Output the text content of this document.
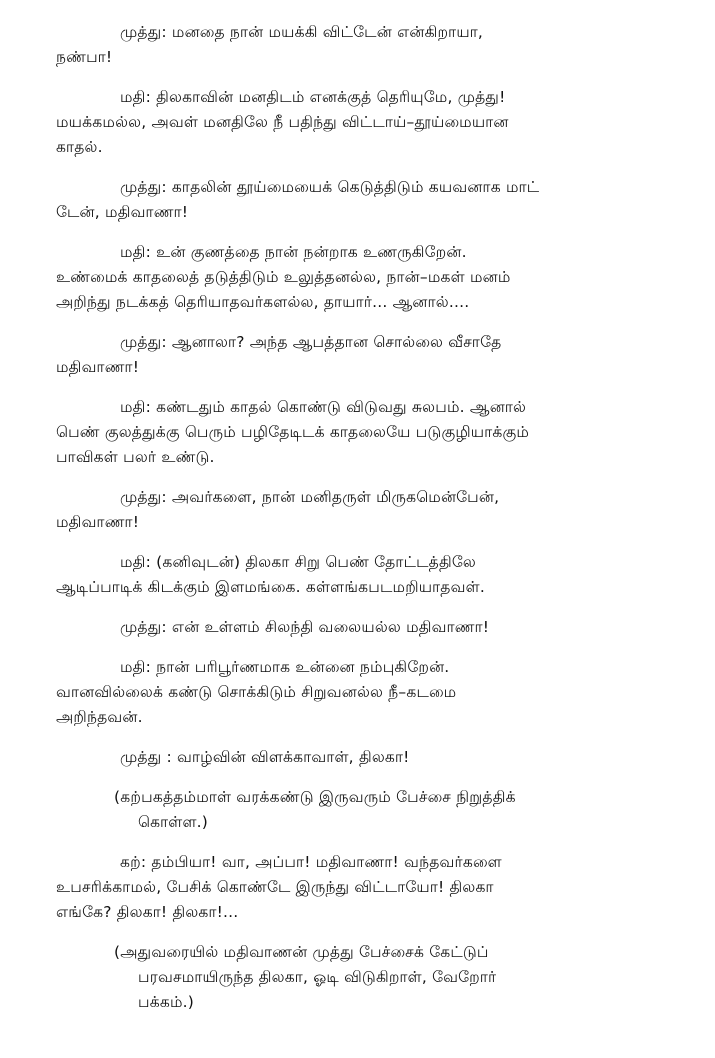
முத்து: மனதை நான் மயக்கி விட்டேன் என்கிறாயா,
நண்பா!
மதி: திலகாவின் மனதிடம் எனக்குத் தெரியுமே, முத்து!
மயக்கமல்ல, அவள் மனதிலே நீ பதிந்து விட்டாய்–தூய்மையான
காதல்.
முத்து: காதலின் தூய்மையைக் கெடுத்திடும் கயவனாக மாட்
டேன், மதிவாணா!
மதி: உன் குணத்தை நான் நன்றாக உணருகிறேன்.
உண்மைக் காதலைத் தடுத்திடும் உலுத்தனல்ல, நான்–மகள் மனம்
அறிந்து நடக்கத் தெரியாதவர்களல்ல, தாயார்... ஆனால்....
முத்து: ஆனாலா? அந்த ஆபத்தான சொல்லை வீசாதே
மதிவாணா!
மதி: கண்டதும் காதல் கொண்டு விடுவது சுலபம். ஆனால்
பெண் குலத்துக்கு பெரும் பழிதேடிடக் காதலையே படுகுழியாக்கும்
பாவிகள் பலர் உண்டு.
முத்து: அவர்களை, நான் மனிதருள் மிருகமென்பேன்,
மதிவாணா!
மதி: (கனிவுடன்) திலகா சிறு பெண் தோட்டத்திலே
ஆடிப்பாடிக் கிடக்கும் இளமங்கை. கள்ளங்கபடமறியாதவள்.
முத்து: என் உள்ளம் சிலந்தி வலையல்ல மதிவாணா!
மதி: நான் பரிபூர்ணமாக உன்னை நம்புகிறேன்.
வானவில்லைக் கண்டு சொக்கிடும் சிறுவனல்ல நீ–கடமை
அறிந்தவன்.
முத்து : வாழ்வின் விளக்காவாள், திலகா!
(கற்பகத்தம்மாள் வரக்கண்டு இருவரும் பேச்சை நிறுத்திக்
கொள்ள.)
கற்: தம்பியா! வா, அப்பா! மதிவாணா! வந்தவர்களை
உபசரிக்காமல், பேசிக் கொண்டே இருந்து விட்டாயோ! திலகா
எங்கே? திலகா! திலகா!...
(அதுவரையில் மதிவாணன் முத்து பேச்சைக் கேட்டுப்
பரவசமாயிருந்த திலகா, ஓடி விடுகிறாள், வேறோர்
பக்கம்.)
